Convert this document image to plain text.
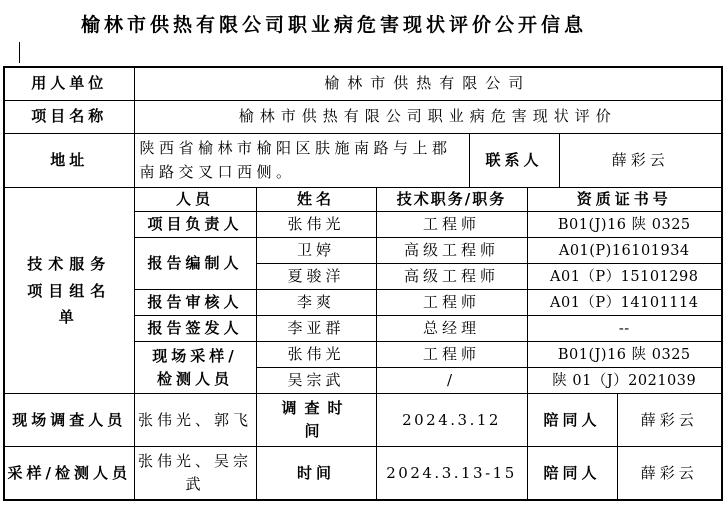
榆林市供热有限公司职业病危害现状评价公开信息
用人单位	榆林市供热有限公司						
项目名称	榆林市供热有限公司职业病危害现状评价						
地址	陕西省榆林市榆阳区肤施南路与上郡南路交叉口西侧。			联系人		薛彩云	
技术服务项目组名单	人员	姓名	技术职务/职务		资质证书号		
	项目负责人	张伟光	工程师		B01(J)16 陕 0325		
	报告编制人	卫婷	高级工程师		A01(P)16101934		
		夏骏洋	高级工程师		A01（P）15101298		
	报告审核人	李爽	工程师		A01（P）14101114		
	报告签发人	李亚群	总经理		--		
	现场采样/检测人员	张伟光	工程师		B01(J)16 陕 0325		
		吴宗武	/		陕 01（J）2021039		
现场调查人员	张伟光、郭飞	调查时间	2024.3.12		陪同人		薛彩云
采样/检测人员	张伟光、吴宗武	时间	2024.3.13-15		陪同人		薛彩云
